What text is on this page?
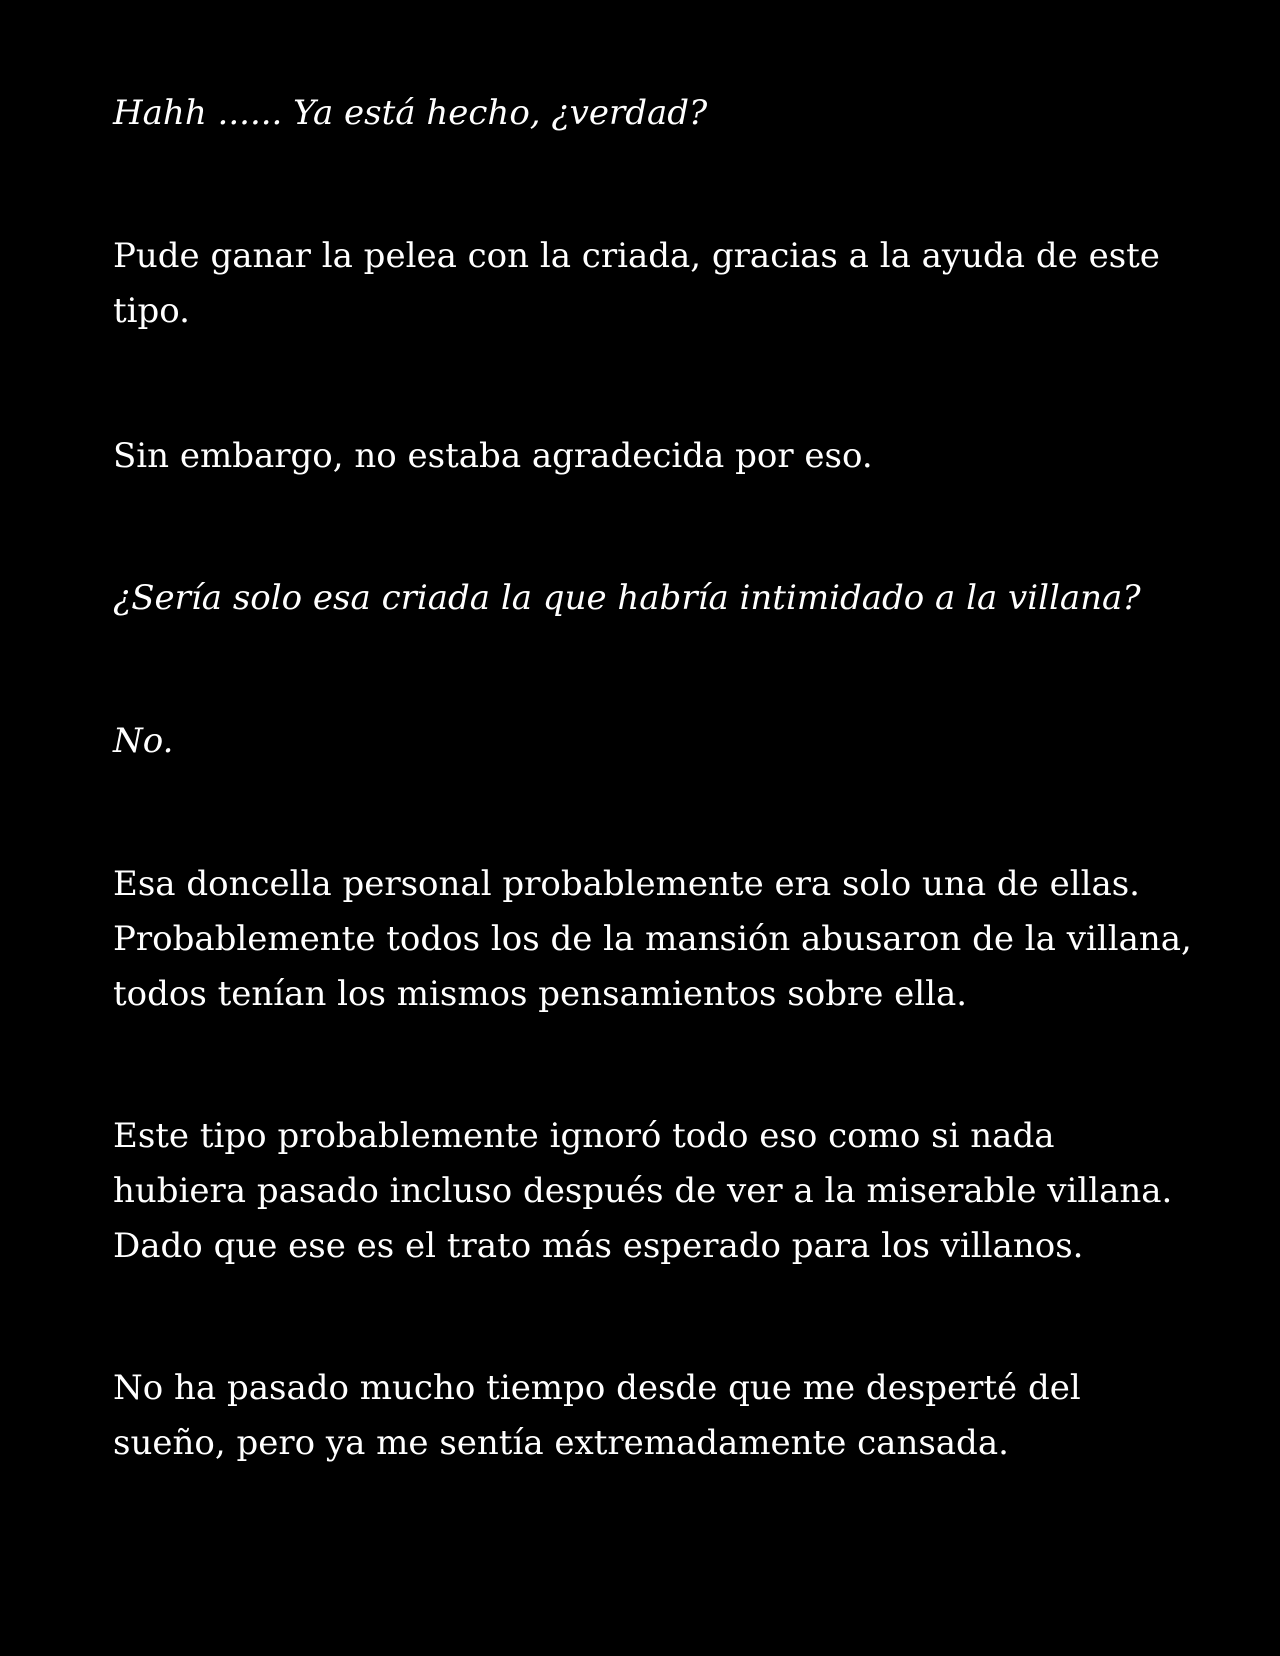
Hahh ...... Ya está hecho, ¿verdad?

Pude ganar la pelea con la criada, gracias a la ayuda de este tipo.

Sin embargo, no estaba agradecida por eso.

¿Sería solo esa criada la que habría intimidado a la villana?

No.

Esa doncella personal probablemente era solo una de ellas. Probablemente todos los de la mansión abusaron de la villana, todos tenían los mismos pensamientos sobre ella.

Este tipo probablemente ignoró todo eso como si nada hubiera pasado incluso después de ver a la miserable villana. Dado que ese es el trato más esperado para los villanos.

No ha pasado mucho tiempo desde que me desperté del sueño, pero ya me sentía extremadamente cansada.
